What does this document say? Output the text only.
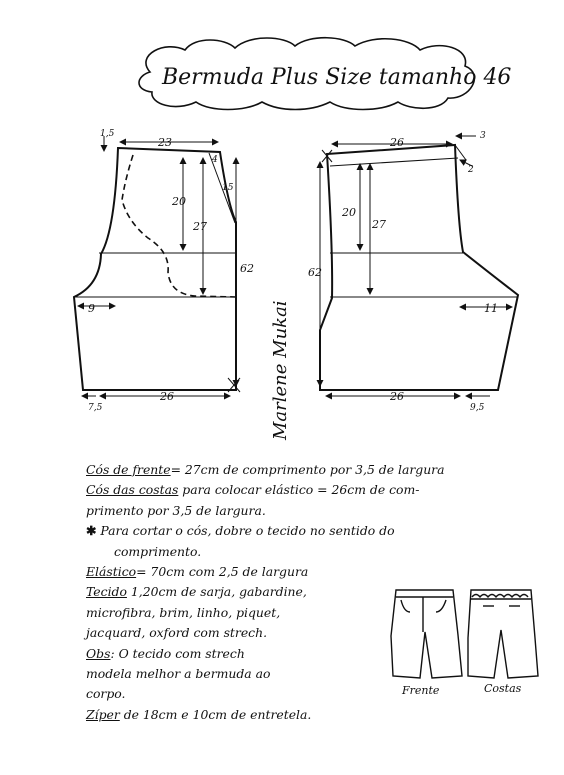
Bermuda Plus Size tamanho 46
1,5
23
20
27
4
15
62
9
26
7,5
3
26
2
20
27
62
11
26
9,5
Marlene Mukai
Frente	Costas
Cós de frente= 27cm de comprimento por 3,5 de largura
Cós das costas para colocar elástico = 26cm de com-
primento por 3,5 de largura.
✱ Para cortar o cós, dobre o tecido no sentido do
comprimento.
Elástico= 70cm com 2,5 de largura
Tecido 1,20cm de sarja, gabardine,
microfibra, brim, linho, piquet,
jacquard, oxford com strech.
Obs: O tecido com strech
modela melhor a bermuda ao
corpo.
Zíper de 18cm e 10cm de entretela.
